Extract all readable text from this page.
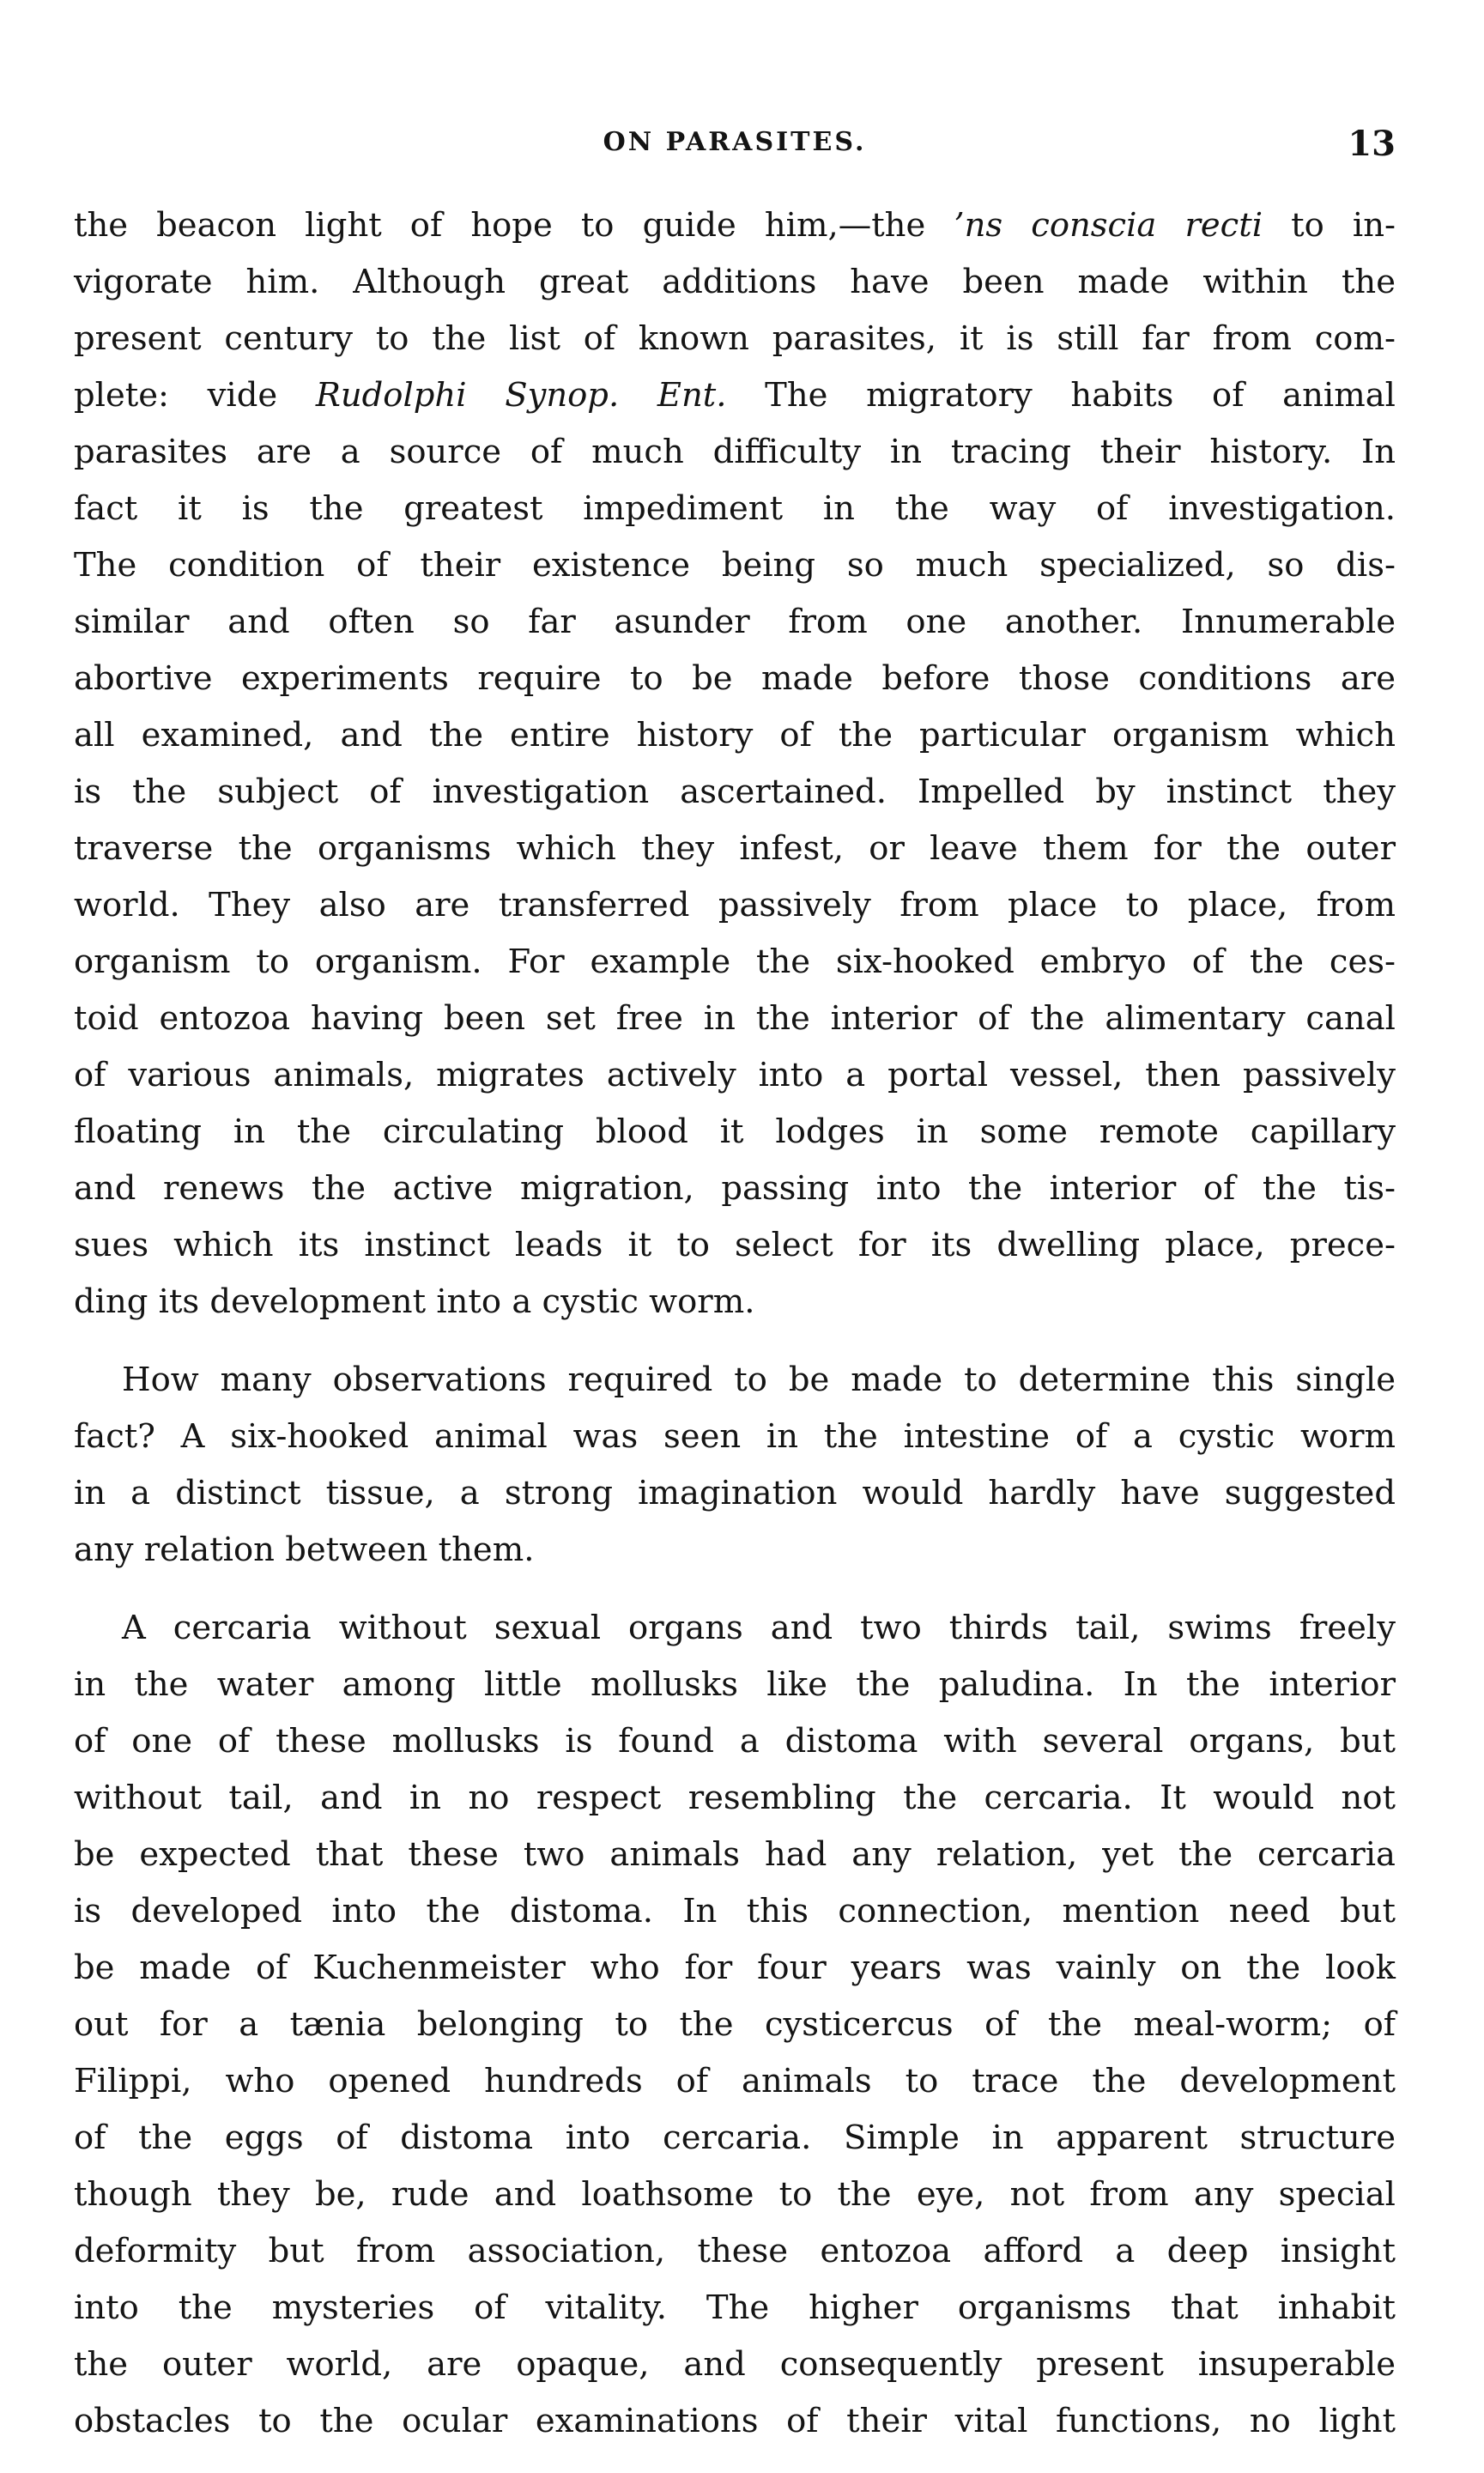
ON PARASITES.	13
the beacon light of hope to guide him,—the ’ns conscia recti to in-
vigorate him. Although great additions have been made within the
present century to the list of known parasites, it is still far from com-
plete: vide Rudolphi Synop. Ent. The migratory habits of animal
parasites are a source of much difficulty in tracing their history. In
fact it is the greatest impediment in the way of investigation.
The condition of their existence being so much specialized, so dis-
similar and often so far asunder from one another. Innumerable
abortive experiments require to be made before those conditions are
all examined, and the entire history of the particular organism which
is the subject of investigation ascertained. Impelled by instinct they
traverse the organisms which they infest, or leave them for the outer
world. They also are transferred passively from place to place, from
organism to organism. For example the six-hooked embryo of the ces-
toid entozoa having been set free in the interior of the alimentary canal
of various animals, migrates actively into a portal vessel, then passively
floating in the circulating blood it lodges in some remote capillary
and renews the active migration, passing into the interior of the tis-
sues which its instinct leads it to select for its dwelling place, prece-
ding its development into a cystic worm.
How many observations required to be made to determine this single
fact? A six-hooked animal was seen in the intestine of a cystic worm
in a distinct tissue, a strong imagination would hardly have suggested
any relation between them.
A cercaria without sexual organs and two thirds tail, swims freely
in the water among little mollusks like the paludina. In the interior
of one of these mollusks is found a distoma with several organs, but
without tail, and in no respect resembling the cercaria. It would not
be expected that these two animals had any relation, yet the cercaria
is developed into the distoma. In this connection, mention need but
be made of Kuchenmeister who for four years was vainly on the look
out for a tænia belonging to the cysticercus of the meal-worm; of
Filippi, who opened hundreds of animals to trace the development
of the eggs of distoma into cercaria. Simple in apparent structure
though they be, rude and loathsome to the eye, not from any special
deformity but from association, these entozoa afford a deep insight
into the mysteries of vitality. The higher organisms that inhabit
the outer world, are opaque, and consequently present insuperable
obstacles to the ocular examinations of their vital functions, no light
